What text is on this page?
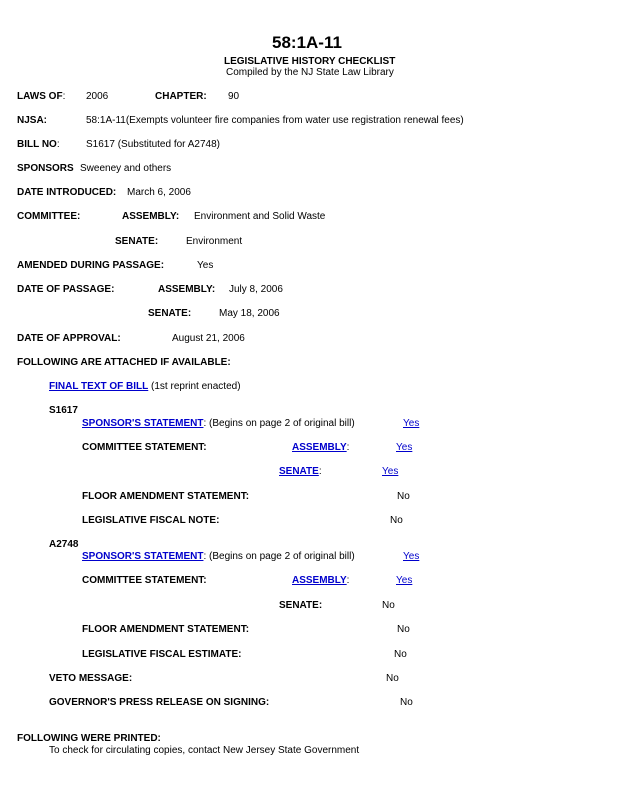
58:1A-11
LEGISLATIVE HISTORY CHECKLIST
Compiled by the NJ State Law Library
LAWS OF: 2006	CHAPTER: 90
NJSA:	58:1A-11(Exempts volunteer fire companies from water use registration renewal fees)
BILL NO:	S1617 (Substituted for A2748)
SPONSORS Sweeney and others
DATE INTRODUCED: March 6, 2006
COMMITTEE:	ASSEMBLY: Environment and Solid Waste
SENATE:	Environment
AMENDED DURING PASSAGE:	Yes
DATE OF PASSAGE:	ASSEMBLY: July 8, 2006
SENATE:	May 18, 2006
DATE OF APPROVAL:	August 21, 2006
FOLLOWING ARE ATTACHED IF AVAILABLE:
FINAL TEXT OF BILL (1st reprint enacted)
S1617
SPONSOR'S STATEMENT: (Begins on page 2 of original bill)	Yes
COMMITTEE STATEMENT:	ASSEMBLY:	Yes
SENATE:	Yes
FLOOR AMENDMENT STATEMENT:	No
LEGISLATIVE FISCAL NOTE:	No
A2748
SPONSOR'S STATEMENT: (Begins on page 2 of original bill)	Yes
COMMITTEE STATEMENT:	ASSEMBLY:	Yes
SENATE:	No
FLOOR AMENDMENT STATEMENT:	No
LEGISLATIVE FISCAL ESTIMATE:	No
VETO MESSAGE:	No
GOVERNOR'S PRESS RELEASE ON SIGNING:	No
FOLLOWING WERE PRINTED:
To check for circulating copies, contact New Jersey State Government
